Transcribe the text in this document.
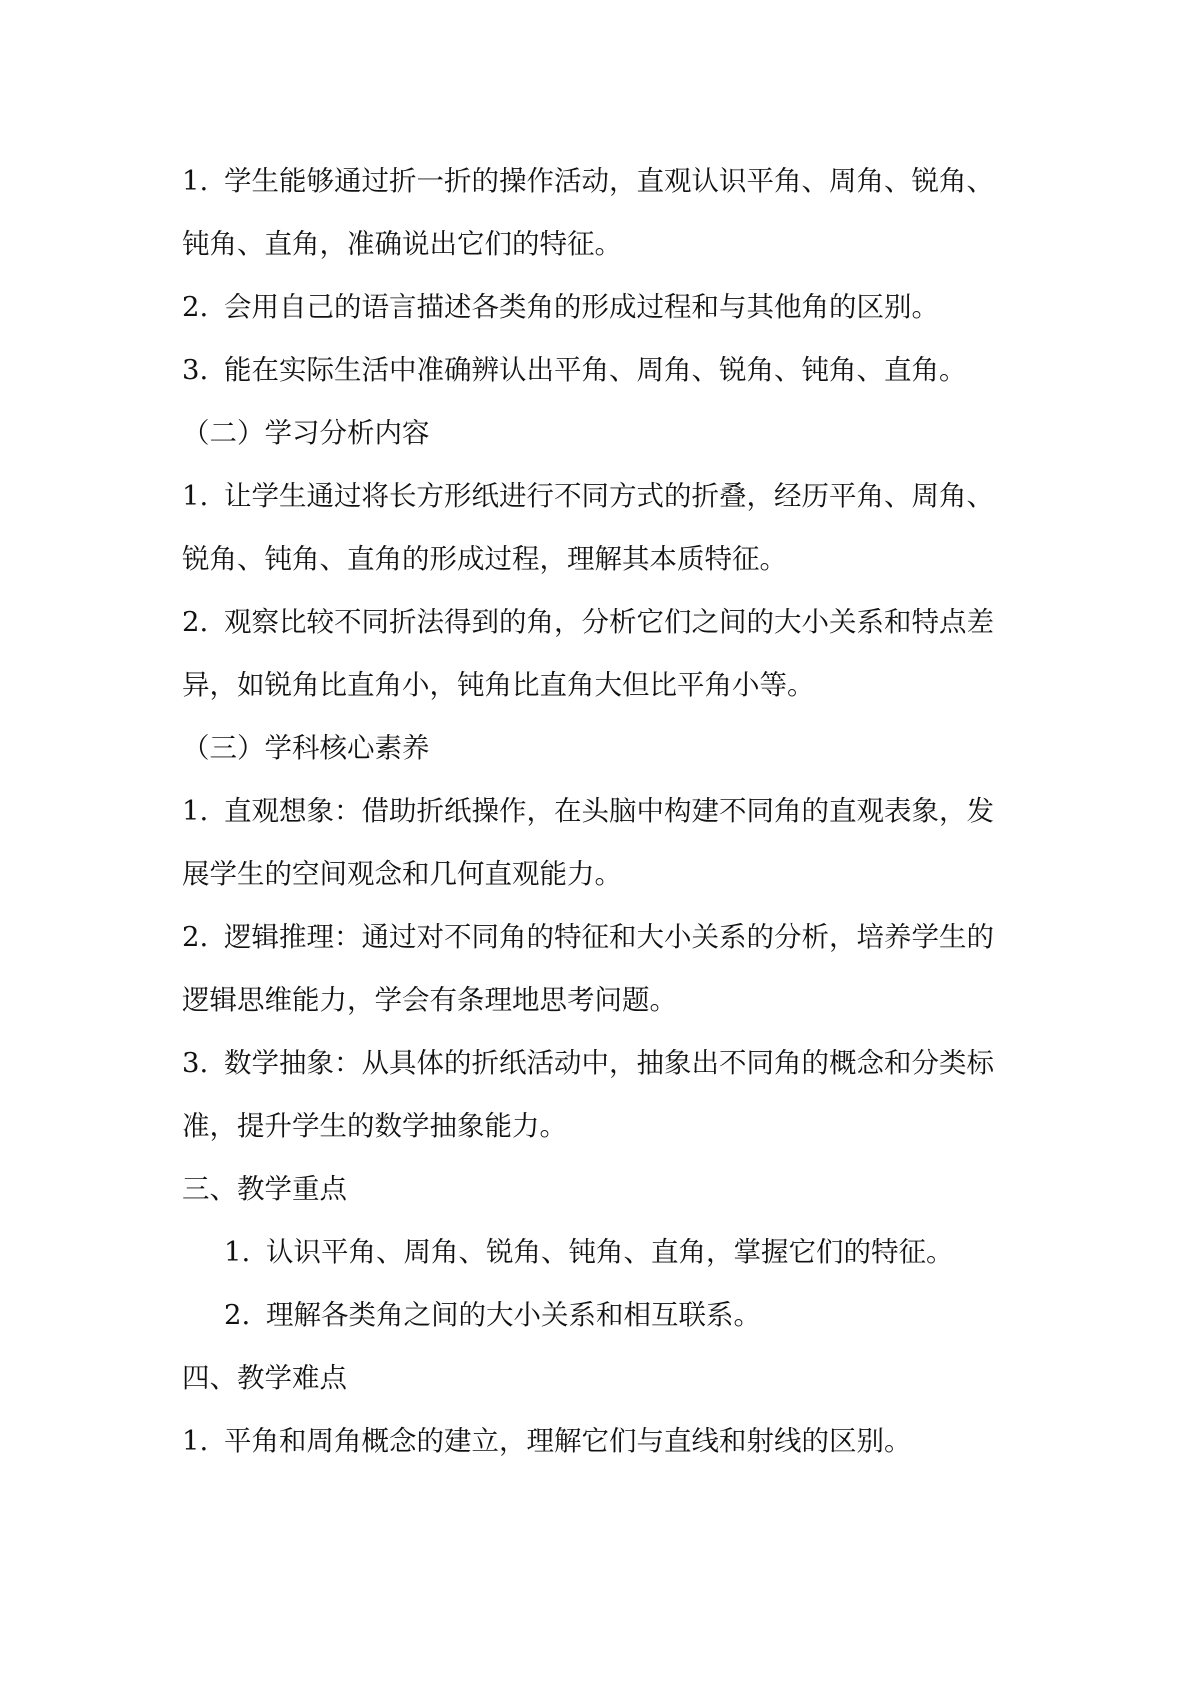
1. 学生能够通过折一折的操作活动，直观认识平角、周角、锐角、
钝角、直角，准确说出它们的特征。
2. 会用自己的语言描述各类角的形成过程和与其他角的区别。
3. 能在实际生活中准确辨认出平角、周角、锐角、钝角、直角。
（二）学习分析内容
1. 让学生通过将长方形纸进行不同方式的折叠，经历平角、周角、
锐角、钝角、直角的形成过程，理解其本质特征。
2. 观察比较不同折法得到的角，分析它们之间的大小关系和特点差
异，如锐角比直角小，钝角比直角大但比平角小等。
（三）学科核心素养
1. 直观想象：借助折纸操作，在头脑中构建不同角的直观表象，发
展学生的空间观念和几何直观能力。
2. 逻辑推理：通过对不同角的特征和大小关系的分析，培养学生的
逻辑思维能力，学会有条理地思考问题。
3. 数学抽象：从具体的折纸活动中，抽象出不同角的概念和分类标
准，提升学生的数学抽象能力。
三、教学重点
1. 认识平角、周角、锐角、钝角、直角，掌握它们的特征。
2. 理解各类角之间的大小关系和相互联系。
四、教学难点
1. 平角和周角概念的建立，理解它们与直线和射线的区别。
